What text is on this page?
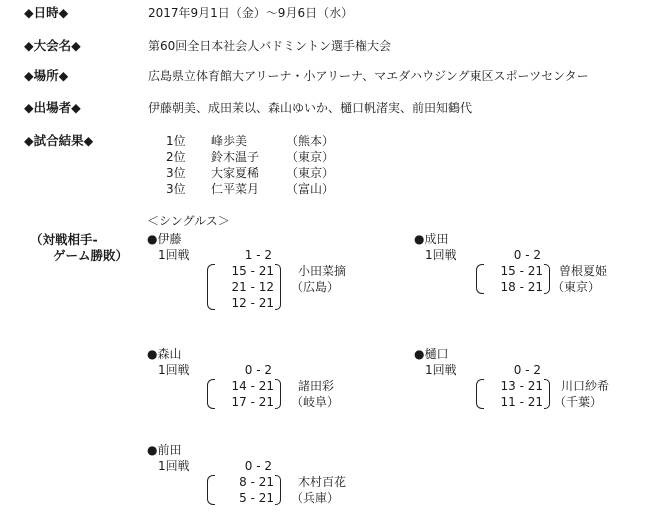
◆日時◆	2017年9月1日（金）～9月6日（水）
◆大会名◆	第60回全日本社会人バドミントン選手権大会
◆場所◆	広島県立体育館大アリーナ・小アリーナ、マエダハウジング東区スポーツセンター
◆出場者◆	伊藤朝美、成田茉以、森山ゆいか、樋口帆渚実、前田知鶴代
◆試合結果◆	1位 峰歩美	（熊本）
2位 鈴木温子 （東京）
3位 大家夏稀 （東京）
3位 仁平菜月 （富山）
（対戦相手-
ゲーム勝敗）
＜シングルス＞
●伊藤
1回戦	1 - 2
15 - 21
21 - 12
12 - 21
小田菜摘
（広島）
●成田
1回戦	0 - 2
15 - 21
18 - 21
曽根夏姫
（東京）
●森山
1回戦	0 - 2
14 - 21
17 - 21
諸田彩
（岐阜）
●樋口
1回戦	0 - 2
13 - 21
11 - 21
川口紗希
（千葉）
●前田
1回戦	0 - 2
8 - 21
5 - 21
木村百花
（兵庫）
